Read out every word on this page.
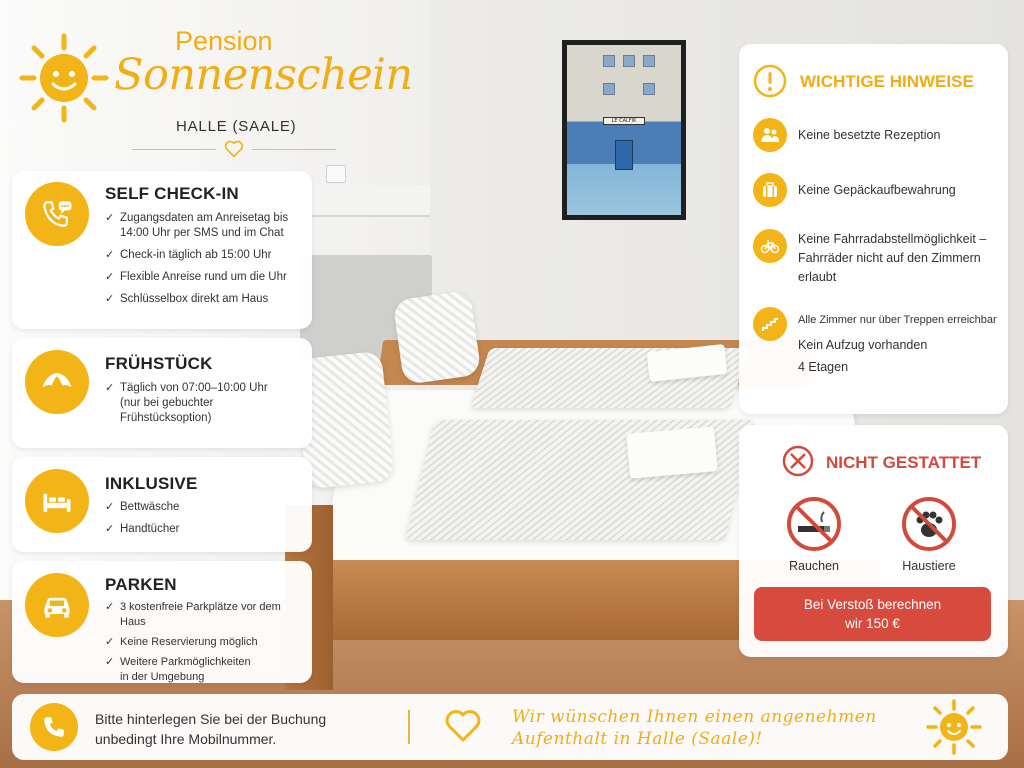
LE CALFIK
Pension
Sonnenschein
HALLE (SAALE)
SELF CHECK-IN
✓ Zugangsdaten am Anreisetag bis 14:00 Uhr per SMS und im Chat
✓ Check-in täglich ab 15:00 Uhr
✓ Flexible Anreise rund um die Uhr
✓ Schlüsselbox direkt am Haus
FRÜHSTÜCK
✓ Täglich von 07:00–10:00 Uhr (nur bei gebuchter Frühstücksoption)
INKLUSIVE
✓ Bettwäsche
✓ Handtücher
PARKEN
✓ 3 kostenfreie Parkplätze vor dem Haus
✓ Keine Reservierung möglich
✓ Weitere Parkmöglichkeiten in der Umgebung
WICHTIGE HINWEISE
Keine besetzte Rezeption
Keine Gepäckaufbewahrung
Keine Fahrradabstellmöglichkeit – Fahrräder nicht auf den Zimmern erlaubt
Alle Zimmer nur über Treppen erreichbar
Kein Aufzug vorhanden
4 Etagen
NICHT GESTATTET
Rauchen	Haustiere
Bei Verstoß berechnen
wir 150 €
Bitte hinterlegen Sie bei der Buchung
unbedingt Ihre Mobilnummer.
Wir wünschen Ihnen einen angenehmen
Aufenthalt in Halle (Saale)!
